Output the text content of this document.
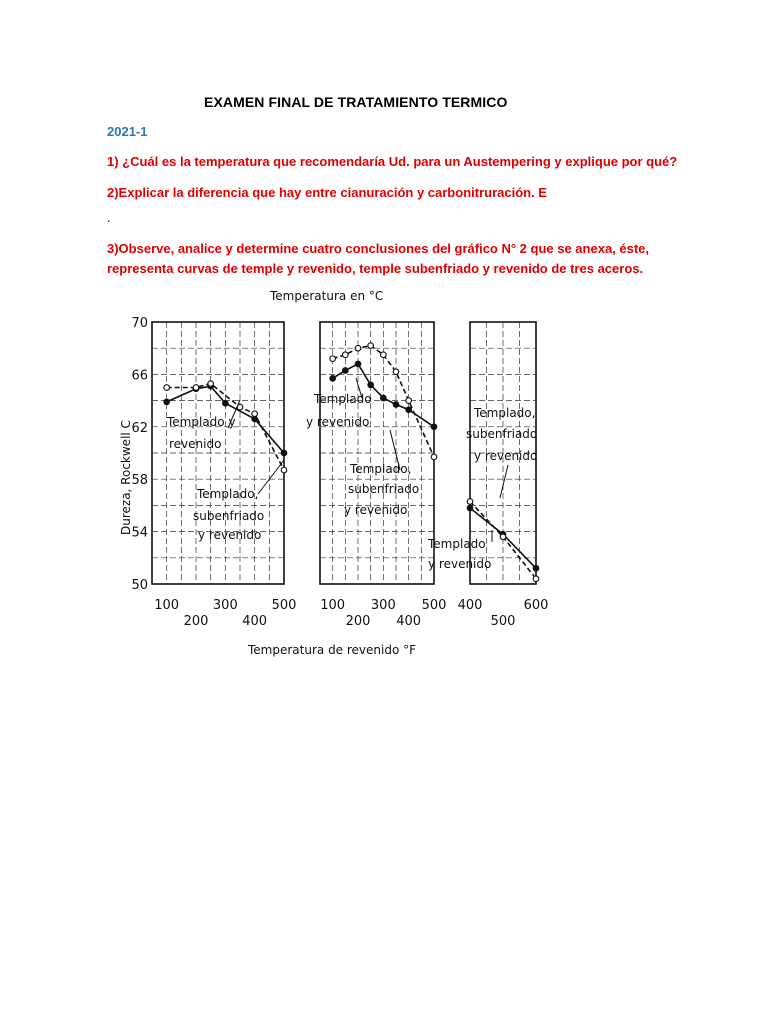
EXAMEN FINAL DE TRATAMIENTO TERMICO
2021-1
1) ¿Cuál es la temperatura que recomendaría Ud. para un Austempering y explique por qué?
2)Explicar la diferencia que hay entre cianuración y carbonitruración. E
.
3)Observe, analice y determine cuatro conclusiones del gráfico N° 2 que se anexa, éste,
representa curvas de temple y revenido, temple subenfriado y revenido de tres aceros.
50
54
58
62
66
70
100	300	500
200	400
100 300 500
200 400
400	600
500
Temperatura en °C
Temperatura de revenido °F
Dureza, Rockwell C	Templado y
revenido
Templado,
subenfriado
y revenido
Templado
y revenido
Templado,
subenfriado
y revenido
Templado,
subenfriado
y revenido
Templado
y revenido
